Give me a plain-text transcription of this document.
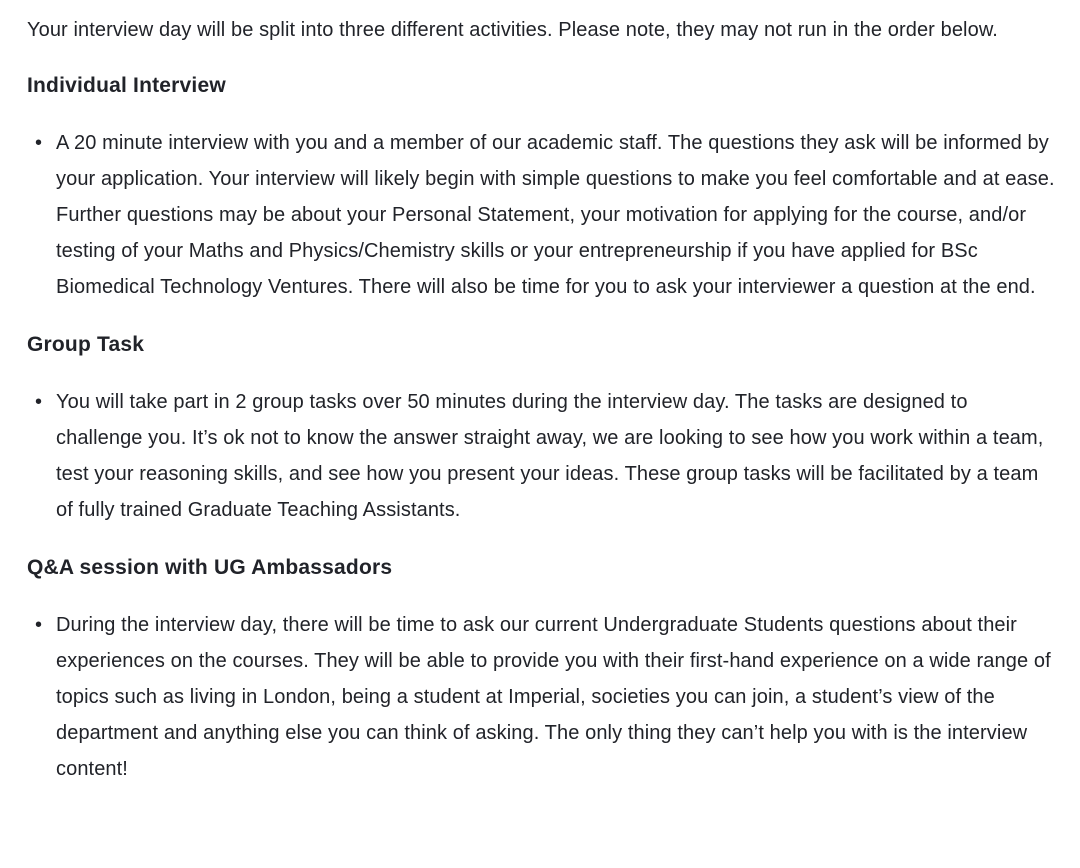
Your interview day will be split into three different activities. Please note, they may not run in the order below.

Individual Interview
• A 20 minute interview with you and a member of our academic staff. The questions they ask will be informed by your application. Your interview will likely begin with simple questions to make you feel comfortable and at ease. Further questions may be about your Personal Statement, your motivation for applying for the course, and/or testing of your Maths and Physics/Chemistry skills or your entrepreneurship if you have applied for BSc Biomedical Technology Ventures. There will also be time for you to ask your interviewer a question at the end.
Group Task
• You will take part in 2 group tasks over 50 minutes during the interview day. The tasks are designed to challenge you. It’s ok not to know the answer straight away, we are looking to see how you work within a team, test your reasoning skills, and see how you present your ideas. These group tasks will be facilitated by a team of fully trained Graduate Teaching Assistants.
Q&A session with UG Ambassadors
• During the interview day, there will be time to ask our current Undergraduate Students questions about their experiences on the courses. They will be able to provide you with their first-hand experience on a wide range of topics such as living in London, being a student at Imperial, societies you can join, a student’s view of the department and anything else you can think of asking. The only thing they can’t help you with is the interview content!
